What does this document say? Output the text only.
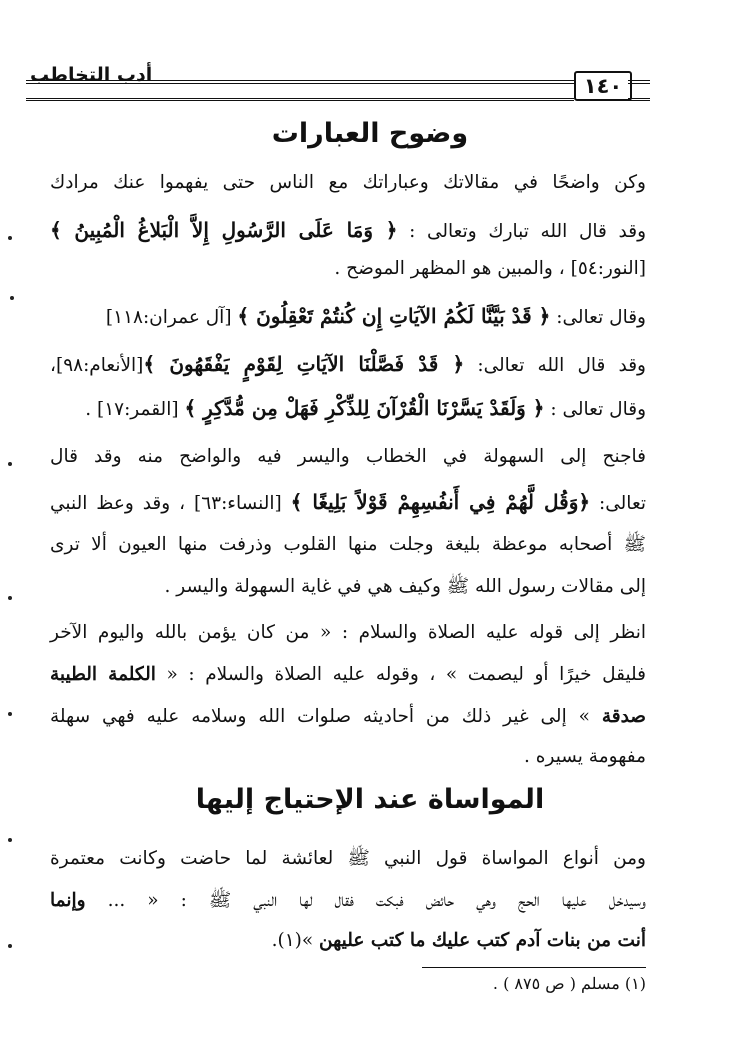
أدب التخاطب	١٤٠
وضوح العبارات
وكن واضحًا في مقالاتك وعباراتك مع الناس حتى يفهموا عنك مرادك
وقد قال الله تبارك وتعالى : ﴿ وَمَا عَلَى الرَّسُولِ إِلاَّ الْبَلاغُ الْمُبِينُ ﴾
[النور:٥٤] ، والمبين هو المظهر الموضح .
وقال تعالى: ﴿ قَدْ بَيَّنَّا لَكُمُ الآيَاتِ إِن كُنتُمْ تَعْقِلُونَ ﴾ [آل عمران:١١٨]
وقد قال الله تعالى: ﴿ قَدْ فَصَّلْنَا الآيَاتِ لِقَوْمٍ يَفْقَهُونَ ﴾[الأنعام:٩٨]،
وقال تعالى : ﴿ وَلَقَدْ يَسَّرْنَا الْقُرْآنَ لِلذِّكْرِ فَهَلْ مِن مُّدَّكِرٍ ﴾ [القمر:١٧] .
فاجنح إلى السهولة في الخطاب واليسر فيه والواضح منه وقد قال
تعالى: ﴿وَقُل لَّهُمْ فِي أَنفُسِهِمْ قَوْلاً بَلِيغًا ﴾ [النساء:٦٣] ، وقد وعظ النبي
ﷺ أصحابه موعظة بليغة وجلت منها القلوب وذرفت منها العيون ألا ترى
إلى مقالات رسول الله ﷺ وكيف هي في غاية السهولة واليسر .
انظر إلى قوله عليه الصلاة والسلام : « من كان يؤمن بالله واليوم الآخر
فليقل خيرًا أو ليصمت » ، وقوله عليه الصلاة والسلام : « الكلمة الطيبة
صدقة » إلى غير ذلك من أحاديثه صلوات الله وسلامه عليه فهي سهلة
مفهومة يسيره .
المواساة عند الإحتياج إليها
ومن أنواع المواساة قول النبي ﷺ لعائشة لما حاضت وكانت معتمرة
وسيدخل عليها الحج وهي حائض فبكت فقال لها النبي ﷺ : « ... وإنما
أنت من بنات آدم كتب عليك ما كتب عليهن »(١).
(١) مسلم ( ص ٨٧٥ ) .
